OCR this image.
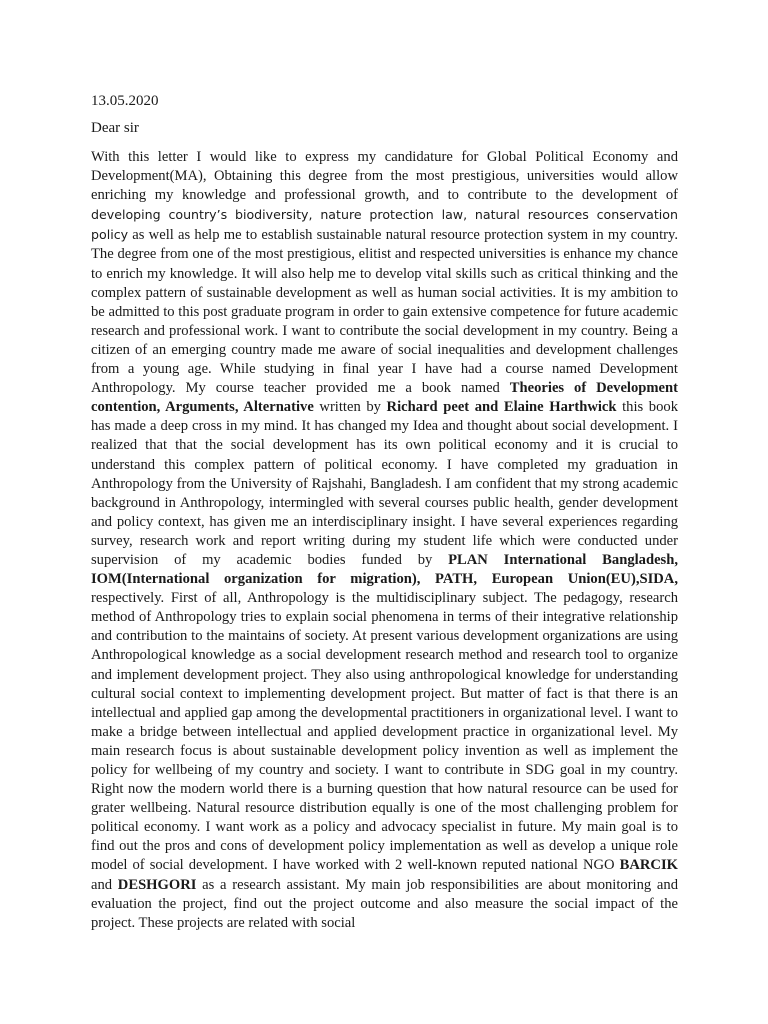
13.05.2020

Dear sir

With this letter I would like to express my candidature for Global Political Economy and Development(MA), Obtaining this degree from the most prestigious, universities would allow enriching my knowledge and professional growth, and to contribute to the development of developing country’s biodiversity, nature protection law, natural resources conservation policy as well as help me to establish sustainable natural resource protection system in my country. The degree from one of the most prestigious, elitist and respected universities is enhance my chance to enrich my knowledge. It will also help me to develop vital skills such as critical thinking and the complex pattern of sustainable development as well as human social activities. It is my ambition to be admitted to this post graduate program in order to gain extensive competence for future academic research and professional work. I want to contribute the social development in my country. Being a citizen of an emerging country made me aware of social inequalities and development challenges from a young age. While studying in final year I have had a course named Development Anthropology. My course teacher provided me a book named Theories of Development contention, Arguments, Alternative written by Richard peet and Elaine Harthwick this book has made a deep cross in my mind. It has changed my Idea and thought about social development. I realized that that the social development has its own political economy and it is crucial to understand this complex pattern of political economy. I have completed my graduation in Anthropology from the University of Rajshahi, Bangladesh. I am confident that my strong academic background in Anthropology, intermingled with several courses public health, gender development and policy context, has given me an interdisciplinary insight. I have several experiences regarding survey, research work and report writing during my student life which were conducted under supervision of my academic bodies funded by PLAN International Bangladesh, IOM(International organization for migration), PATH, European Union(EU),SIDA, respectively. First of all, Anthropology is the multidisciplinary subject. The pedagogy, research method of Anthropology tries to explain social phenomena in terms of their integrative relationship and contribution to the maintains of society. At present various development organizations are using Anthropological knowledge as a social development research method and research tool to organize and implement development project. They also using anthropological knowledge for understanding cultural social context to implementing development project. But matter of fact is that there is an intellectual and applied gap among the developmental practitioners in organizational level. I want to make a bridge between intellectual and applied development practice in organizational level. My main research focus is about sustainable development policy invention as well as implement the policy for wellbeing of my country and society. I want to contribute in SDG goal in my country. Right now the modern world there is a burning question that how natural resource can be used for grater wellbeing. Natural resource distribution equally is one of the most challenging problem for political economy. I want work as a policy and advocacy specialist in future. My main goal is to find out the pros and cons of development policy implementation as well as develop a unique role model of social development. I have worked with 2 well-known reputed national NGO BARCIK and DESHGORI as a research assistant. My main job responsibilities are about monitoring and evaluation the project, find out the project outcome and also measure the social impact of the project. These projects are related with social
